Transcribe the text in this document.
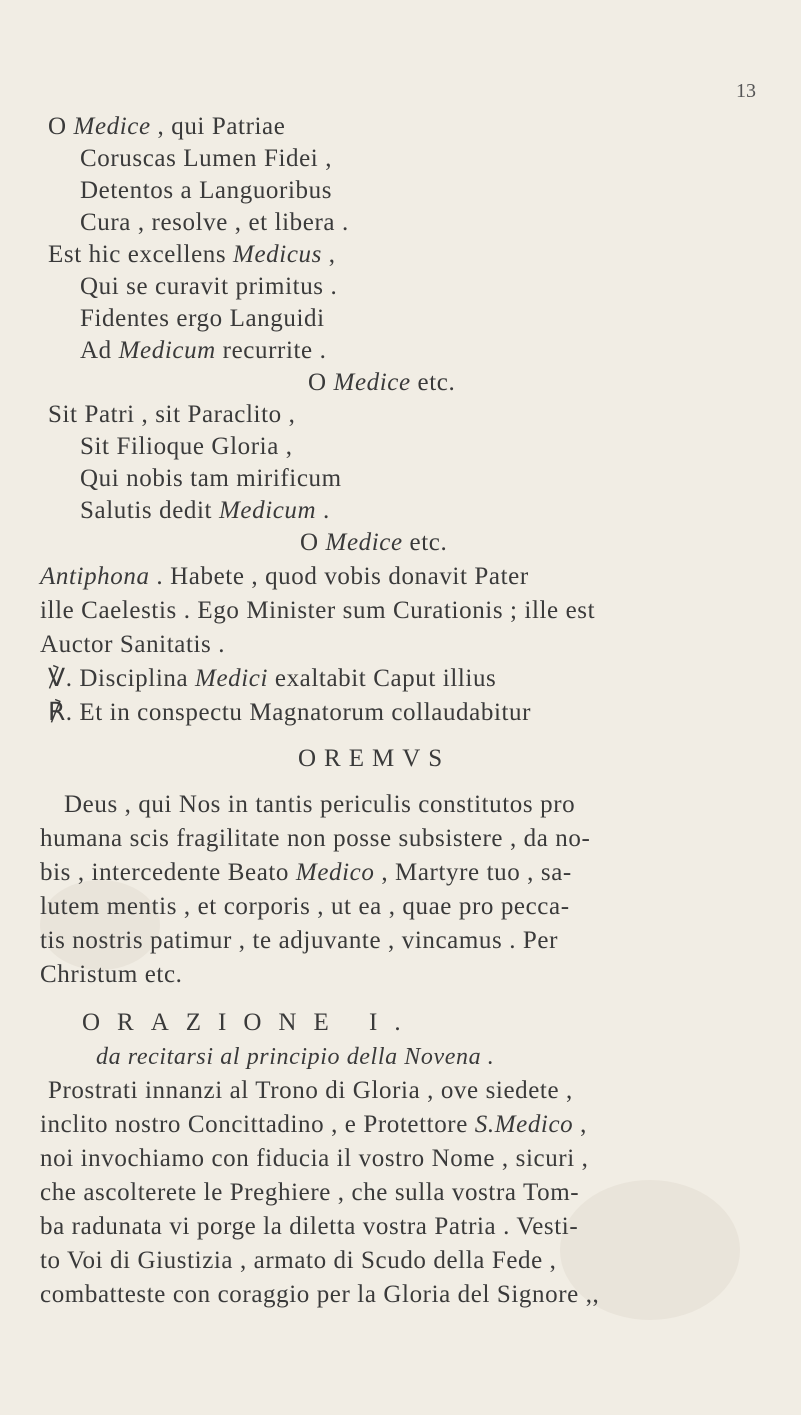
13
O Medice , qui Patriae
Coruscas Lumen Fidei ,
Detentos a Languoribus
Cura , resolve , et libera .
Est hic excellens Medicus ,
Qui se curavit primitus .
Fidentes ergo Languidi
Ad Medicum recurrite .
O Medice etc.
Sit Patri , sit Paraclito ,
Sit Filioque Gloria ,
Qui nobis tam mirificum
Salutis dedit Medicum .
O Medice etc.
Antiphona . Habete , quod vobis donavit Pater
ille Caelestis . Ego Minister sum Curationis ; ille est
Auctor Sanitatis .
℣. Disciplina Medici exaltabit Caput illius
℟. Et in conspectu Magnatorum collaudabitur
OREMVS
Deus , qui Nos in tantis periculis constitutos pro
humana scis fragilitate non posse subsistere , da no-
bis , intercedente Beato Medico , Martyre tuo , sa-
lutem mentis , et corporis , ut ea , quae pro pecca-
tis nostris patimur , te adjuvante , vincamus . Per
Christum etc.
ORAZIONE I.
da recitarsi al principio della Novena .
Prostrati innanzi al Trono di Gloria , ove siedete ,
inclito nostro Concittadino , e Protettore S.Medico ,
noi invochiamo con fiducia il vostro Nome , sicuri ,
che ascolterete le Preghiere , che sulla vostra Tom-
ba radunata vi porge la diletta vostra Patria . Vesti-
to Voi di Giustizia , armato di Scudo della Fede ,
combatteste con coraggio per la Gloria del Signore ,,
